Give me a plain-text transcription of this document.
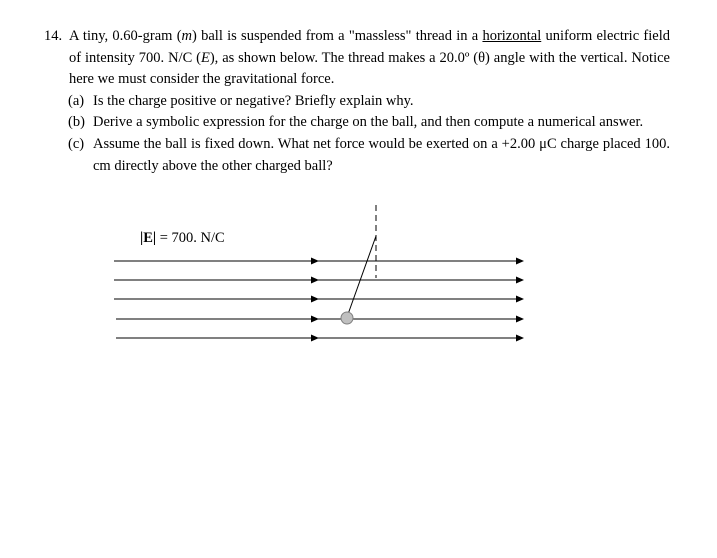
14. A tiny, 0.60-gram (m) ball is suspended from a "massless" thread in a horizontal uniform electric field of intensity 700. N/C (E), as shown below. The thread makes a 20.0º (θ) angle with the vertical. Notice here we must consider the gravitational force.

(a) Is the charge positive or negative? Briefly explain why.

(b) Derive a symbolic expression for the charge on the ball, and then compute a numerical answer.

(c) Assume the ball is fixed down. What net force would be exerted on a +2.00 μC charge placed 100. cm directly above the other charged ball?

|E| = 700. N/C
